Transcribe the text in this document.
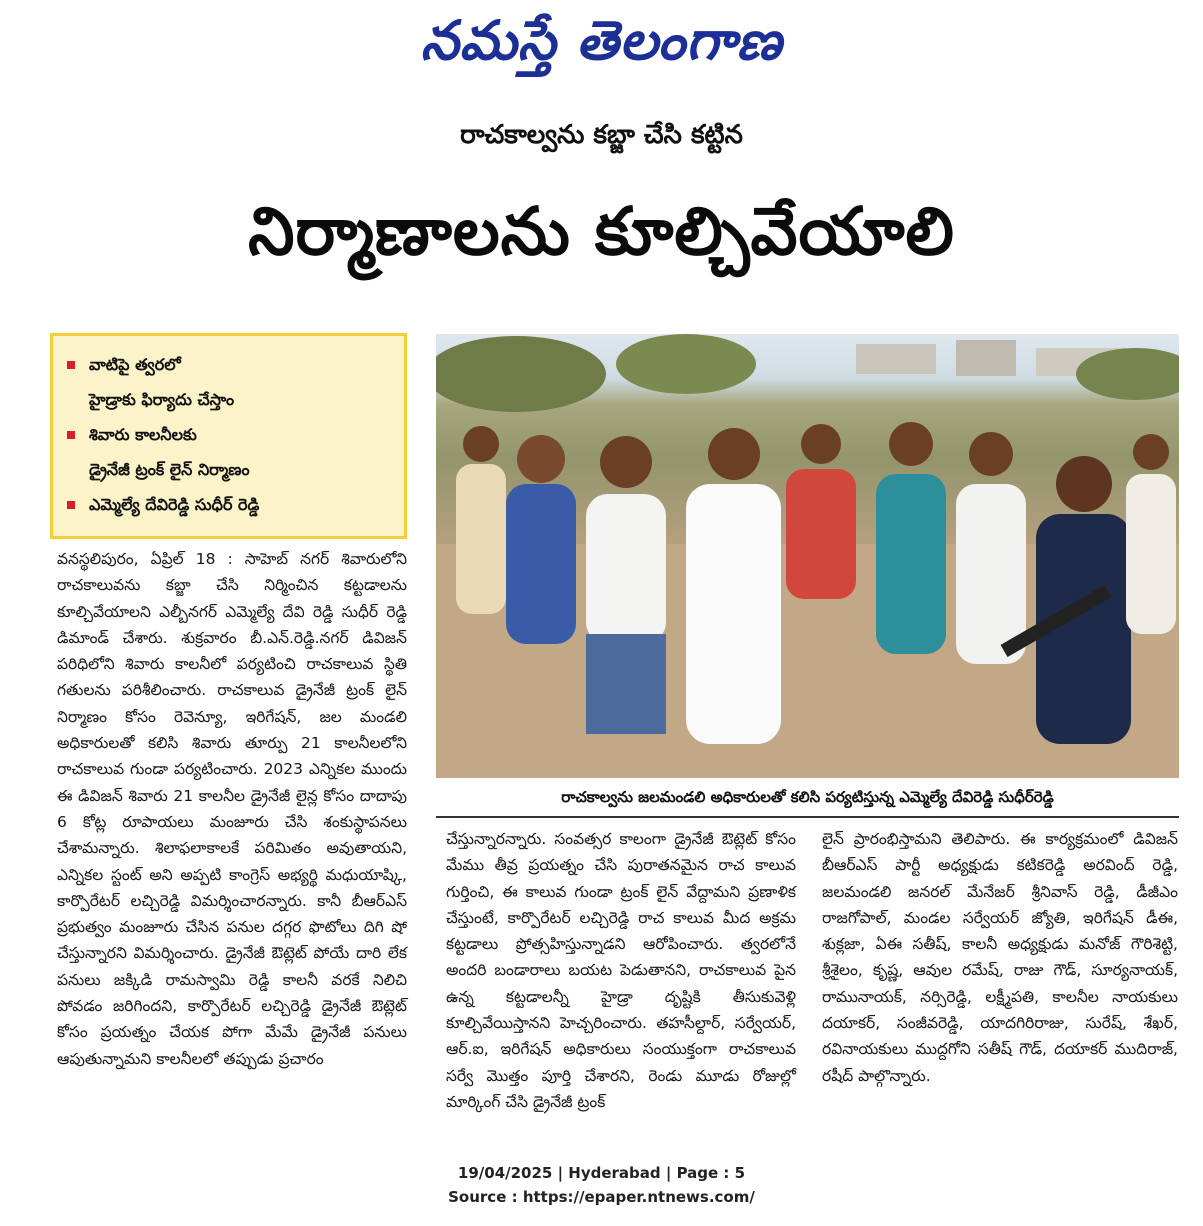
నమస్తే తెలంగాణ
రాచకాల్వను కబ్జా చేసి కట్టిన
నిర్మాణాలను కూల్చివేయాలి
వాటిపై త్వరలో
హైడ్రాకు ఫిర్యాదు చేస్తాం
శివారు కాలనీలకు
డ్రైనేజీ ట్రంక్ లైన్ నిర్మాణం
ఎమ్మెల్యే దేవిరెడ్డి సుధీర్ రెడ్డి
రాచకాల్వను జలమండలి అధికారులతో కలిసి పర్యటిస్తున్న ఎమ్మెల్యే దేవిరెడ్డి సుధీర్‌రెడ్డి
వనస్థలిపురం, ఏప్రిల్ 18 : సాహెబ్ నగర్ శివారులోని రాచకాలువను కబ్జా చేసి నిర్మించిన కట్టడాలను కూల్చివేయాలని ఎల్బీనగర్ ఎమ్మెల్యే దేవి రెడ్డి సుధీర్ రెడ్డి డిమాండ్ చేశారు. శుక్రవారం బీ.ఎన్.రెడ్డి.నగర్ డివిజన్ పరిధిలోని శివారు కాలనీలో పర్యటించి రాచకాలువ స్థితి గతులను పరిశీలించారు. రాచకాలువ డ్రైనేజీ ట్రంక్ లైన్ నిర్మాణం కోసం రెవెన్యూ, ఇరిగేషన్, జల మండలి అధికారులతో కలిసి శివారు తూర్పు 21 కాలనీలలోని రాచకాలువ గుండా పర్యటించారు. 2023 ఎన్నికల ముందు ఈ డివిజన్ శివారు 21 కాలనీల డ్రైనేజీ లైన్ల కోసం దాదాపు 6 కోట్ల రూపాయలు మంజూరు చేసి శంకుస్థాపనలు చేశామన్నారు. శిలాఫలాకాలకే పరిమితం అవుతాయని, ఎన్నికల స్టంట్ అని అప్పటి కాంగ్రెస్ అభ్యర్థి మధుయాష్కి, కార్పొరేటర్ లచ్చిరెడ్డి విమర్శించారన్నారు. కానీ బీఆర్ఎస్ ప్రభుత్వం మంజూరు చేసిన పనుల దగ్గర ఫొటోలు దిగి షో చేస్తున్నారని విమర్శించారు. డ్రైనేజీ ఔట్లెట్ పోయే దారి లేక పనులు జక్కిడి రామస్వామి రెడ్డి కాలనీ వరకే నిలిచి పోవడం జరిగిందని, కార్పొరేటర్ లచ్చిరెడ్డి డ్రైనేజీ ఔట్లెట్ కోసం ప్రయత్నం చేయక పోగా మేమే డ్రైనేజీ పనులు ఆపుతున్నామని కాలనీలలో తప్పుడు ప్రచారం
చేస్తున్నారన్నారు. సంవత్సర కాలంగా డ్రైనేజీ ఔట్లెట్ కోసం మేము తీవ్ర ప్రయత్నం చేసి పురాతనమైన రాచ కాలువ గుర్తించి, ఈ కాలువ గుండా ట్రంక్ లైన్ వేద్దామని ప్రణాళిక చేస్తుంటే, కార్పొరేటర్ లచ్చిరెడ్డి రాచ కాలువ మీద అక్రమ కట్టడాలు ప్రోత్సహిస్తున్నాడని ఆరోపించారు. త్వరలోనే అందరి బండారాలు బయట పెడుతానని, రాచకాలువ పైన ఉన్న కట్టడాలన్నీ హైడ్రా దృష్టికి తీసుకువెళ్లి కూల్చివేయిస్తానని హెచ్చరించారు. తహసీల్దార్, సర్వేయర్, ఆర్.ఐ, ఇరిగేషన్ అధికారులు సంయుక్తంగా రాచకాలువ సర్వే మొత్తం పూర్తి చేశారని, రెండు మూడు రోజుల్లో మార్కింగ్ చేసి డ్రైనేజీ ట్రంక్
లైన్ ప్రారంభిస్తామని తెలిపారు. ఈ కార్యక్రమంలో డివిజన్ బీఆర్ఎస్ పార్టీ అధ్యక్షుడు కటికరెడ్డి అరవింద్ రెడ్డి, జలమండలి జనరల్ మేనేజర్ శ్రీనివాస్ రెడ్డి, డీజీఎం రాజగోపాల్, మండల సర్వేయర్ జ్యోతి, ఇరిగేషన్ డీఈ, శుక్లజా, ఏఈ సతీష్, కాలనీ అధ్యక్షుడు మనోజ్ గౌరిశెట్టి, శ్రీశైలం, కృష్ణ, ఆవుల రమేష్, రాజు గౌడ్, సూర్యనాయక్, రామునాయక్, నర్సిరెడ్డి, లక్ష్మీపతి, కాలనీల నాయకులు దయాకర్, సంజీవరెడ్డి, యాదగిరిరాజు, సురేష్, శేఖర్, రవినాయకులు ముద్దగోని సతీష్ గౌడ్, దయాకర్ ముదిరాజ్, రషీద్ పాల్గొన్నారు.
19/04/2025 | Hyderabad | Page : 5
Source : https://epaper.ntnews.com/
